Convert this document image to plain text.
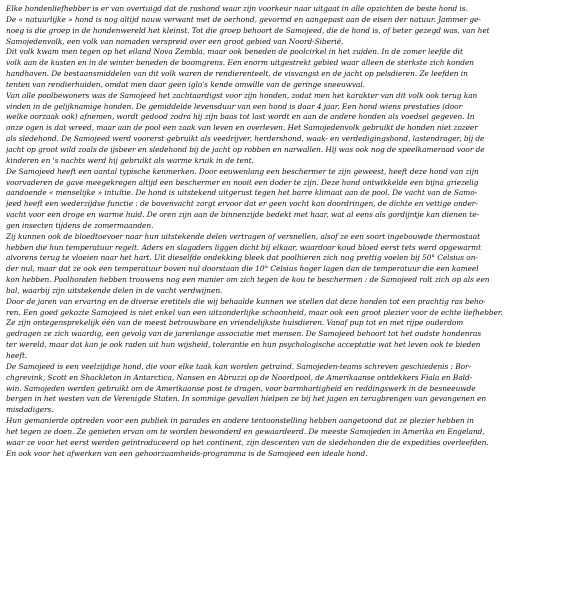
Elke hondenliefhebber is er van overtuigd dat de rashond waar zijn voorkeur naar uitgaat in alle opzichten de beste hond is.
De « natuurlijke » hond is nog altijd nauw verwant met de oerhond, gevormd en aangepast aan de eisen der natuur. Jammer ge-
noeg is die groep in de hondenwereld het kleinst. Tot die groep behoort de Samojeed, die de hond is, of beter gezegd was, van het
Samojedenvolk, een volk van nomaden verspreid over een groot gebied van Noord-Siberië.
Dit volk kwam men tegen op het eiland Nova Zembla, maar ook beneden de poolcirkel in het zuiden. In de zomer leefde dit
volk aan de kusten en in de winter beneden de boomgrens. Een enorm uitgestrekt gebied waar alleen de sterkste zich konden
handhaven. De bestaansmiddelen van dit volk waren de rendierenteelt, de visvangst en de jacht op pelsdieren. Ze leefden in
tenten van rendierhuiden, omdat men daar geen iglo's kende omwille van de geringe sneeuwval.
Van alle poolbewoners was de Samojeed het zachtaardigst voor zijn honden, zodat men het karakter van dit volk ook terug kan
vinden in de gelijknamige honden. De gemiddelde levensduur van een hond is daar 4 jaar. Een hond wiens prestaties (door
welke oorzaak ook) afnemen, wordt gedood zodra hij zijn baas tot last wordt en aan de andere honden als voedsel gegeven. In
onze ogen is dat wreed, maar aan de pool een zaak van leven en overleven. Het Samojedenvolk gebruikt de honden niet zozeer
als sledehond. De Samojeed werd voorerst gebruikt als veedrijver, herdershond, waak- en verdedigingshond, lastendrager, bij de
jacht op groot wild zoals de ijsbeer en sledehond bij de jacht op robben en narwallen. Hij was ook nog de speelkameraad voor de
kinderen en 's nachts werd hij gebruikt als warme kruik in de tent.
De Samojeed heeft een aantal typische kenmerken. Door eeuwenlang een beschermer te zijn geweest, heeft deze hond van zijn
voorvaderen de gave meegekregen altijd een beschermer en nooit een doder te zijn. Deze hond ontwikkelde een bijna griezelig
aandoende « menselijke » intuïtie. De hond is uitstekend uitgerust tegen het barre klimaat aan de pool. De vacht van de Samo-
jeed heeft een wederzijdse functie : de bovenvacht zorgt ervoor dat er geen vocht kan doordringen, de dichte en vettige onder-
vacht voor een droge en warme huid. De oren zijn aan de binnenzijde bedekt met haar, wat al eens als gordijntje kan dienen te-
gen insecten tijdens de zomermaanden.
Zij kunnen ook de bloedtoevoer naar hun uitstekende delen vertragen of versnellen, alsof ze een soort ingebouwde thermostaat
hebben die hun temperatuur regelt. Aders en slagaders liggen dicht bij elkaar, waardoor koud bloed eerst tets werd opgewarmt
alvorens terug te vloeien naar het hart. Uit dieselfde ondekking bleek dat poolhieren zich nog prettig voelen bij 50° Celsius on-
der nul, maar dat ze ook een temperatuur boven nul doorstaan die 10° Celsius hoger lagen dan de temperatuur die een kameel
kon hebben. Poolhonden hebben trouwens nog een manier om zich tegen de kou te beschermen : de Samojeed rolt zich op als een
bal, waarbij zijn uitstekende delen in de vacht verdwijnen.
Door de jaren van ervaring en de diverse eretitels die wij behaalde kunnen we stellen dat deze honden tot een prachtig ras beho-
ren. Een goed gekozte Samojeed is niet enkel van een uitzonderlijke schoonheid, maar ook een groot plezier voor de echte liefhebber.
Ze zijn ontegensprekelijk één van de meest betrouwbare en vriendelijkste huisdieren. Vanaf pup tot en met rijpe ouderdom
gedragen ze zich waardig, een gevolg van de jarenlange associatie met mensen. De Samojeed behoort tot het oudste hondenras
ter wereld, maar dat kan je ook raden uit hun wijsheid, tolerantie en hun psychologische acceptatie wat het leven ook te bieden
heeft.
De Samojeed is een veelzijdige hond, die voor elke taak kan worden getraind. Samojeden-teams schreven geschiedenis : Bor-
chgrevink, Scott en Shackleton in Antarctica, Nansen en Abruzzi op de Noordpool, de Amerikaanse ontdekkers Fiala en Bald-
win. Samojeden werden gebruikt om de Amerikaanse post te dragen, voor barmhartigheid en reddingswerk in de besneeuwde
bergen in het westen van de Verenigde Staten. In sommige gevallen hielpen ze bij het jagen en terugbrengen van gevangenen en
misdadigers.
Hun gemanierde optreden voor een publiek in parades en andere tentoonstelling hebben aangetoond dat ze plezier hebben in
het tegen ze doen. Ze genieten ervan om te worden bewonderd en gewaardeerd. De meeste Samojeden in Amerika en Engeland,
waar ze voor het eerst werden geïntroduceerd op het continent, zijn descenten van de sledehonden die de expedities overleefden.
En ook voor het afwerken van een gehoorzaamheids-programma is de Samojeed een ideale hond.
